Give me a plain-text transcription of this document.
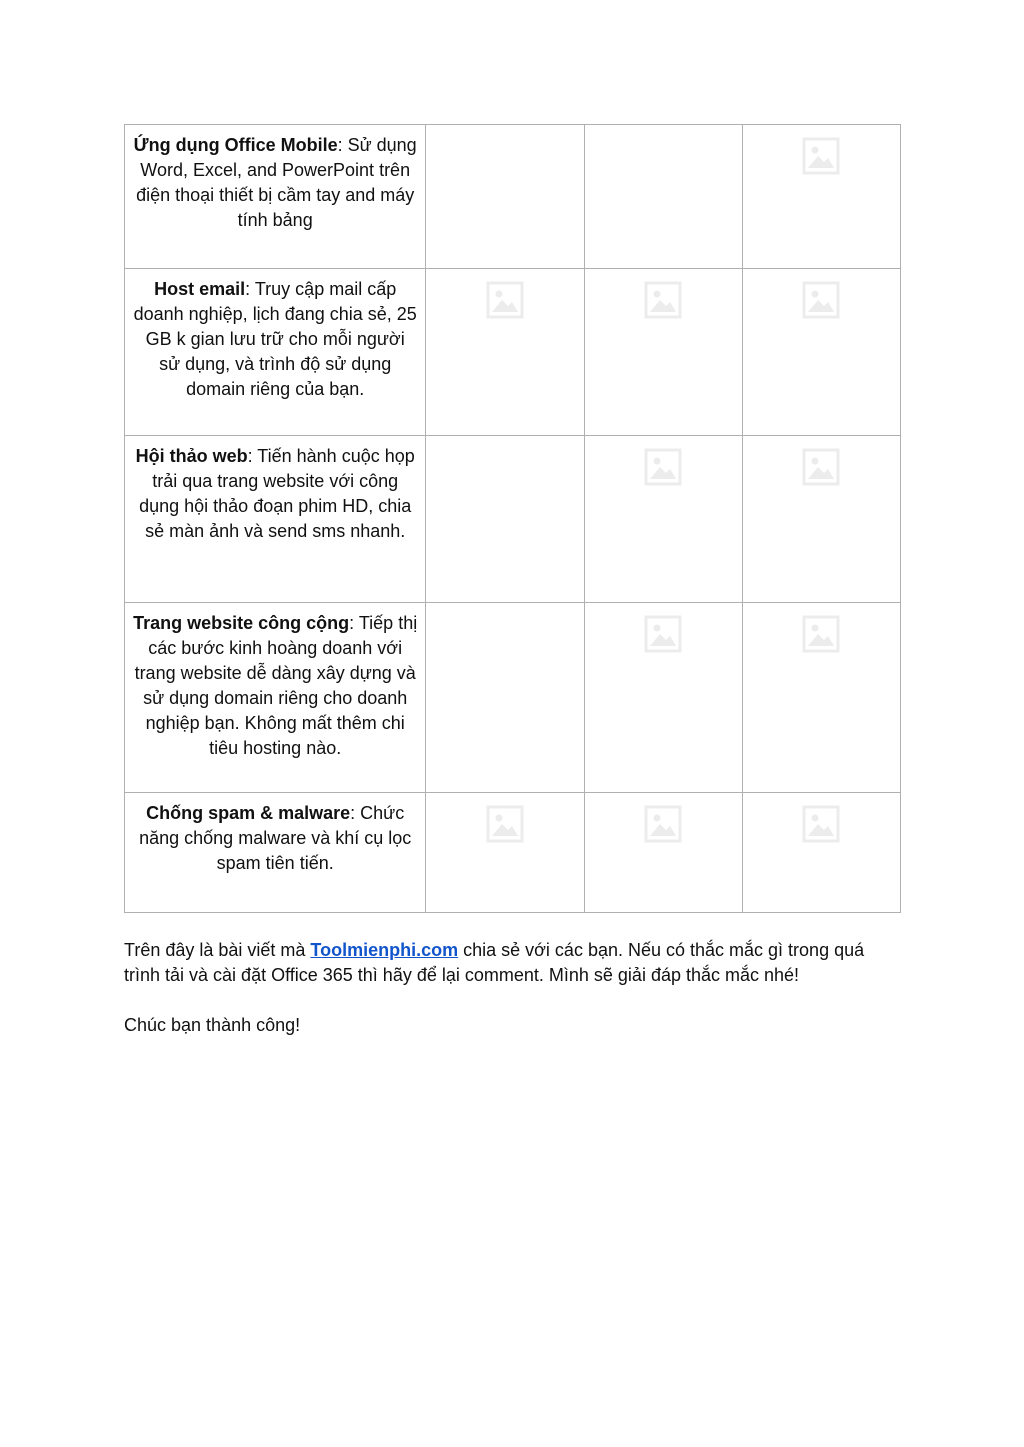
Ứng dụng Office Mobile: Sử dụng Word, Excel, and PowerPoint trên điện thoại thiết bị cầm tay and máy tính bảng

Host email: Truy cập mail cấp doanh nghiệp, lịch đang chia sẻ, 25 GB k gian lưu trữ cho mỗi người sử dụng, và trình độ sử dụng domain riêng của bạn.

Hội thảo web: Tiến hành cuộc họp trải qua trang website với công dụng hội thảo đoạn phim HD, chia sẻ màn ảnh và send sms nhanh.

Trang website công cộng: Tiếp thị các bước kinh hoàng doanh với trang website dễ dàng xây dựng và sử dụng domain riêng cho doanh nghiệp bạn. Không mất thêm chi tiêu hosting nào.

Chống spam & malware: Chức năng chống malware và khí cụ lọc spam tiên tiến.

Trên đây là bài viết mà Toolmienphi.com chia sẻ với các bạn. Nếu có thắc mắc gì trong quá trình tải và cài đặt Office 365 thì hãy để lại comment. Mình sẽ giải đáp thắc mắc nhé!

Chúc bạn thành công!
